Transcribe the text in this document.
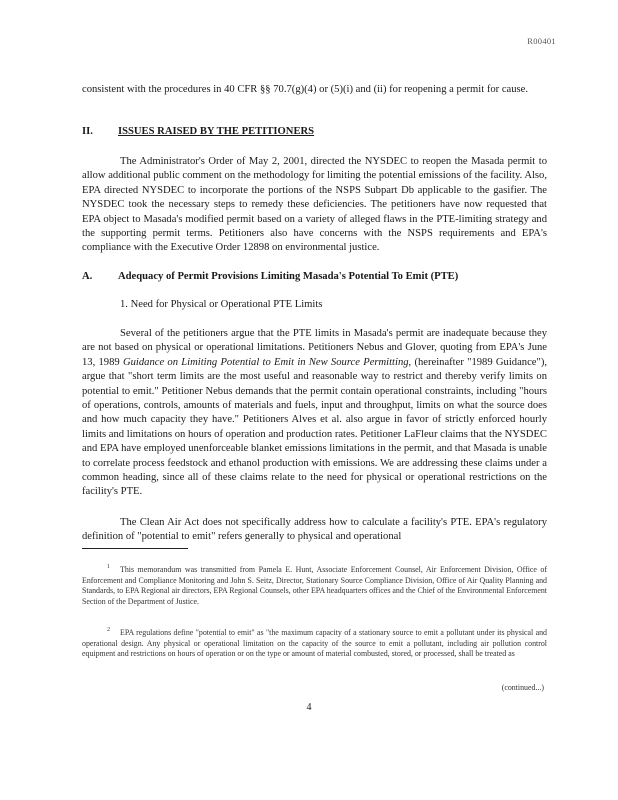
R00401
consistent with the procedures in 40 CFR §§ 70.7(g)(4) or (5)(i) and (ii) for reopening a permit for cause.
II. ISSUES RAISED BY THE PETITIONERS
The Administrator's Order of May 2, 2001, directed the NYSDEC to reopen the Masada permit to allow additional public comment on the methodology for limiting the potential emissions of the facility. Also, EPA directed NYSDEC to incorporate the portions of the NSPS Subpart Db applicable to the gasifier. The NYSDEC took the necessary steps to remedy these deficiencies. The petitioners have now requested that EPA object to Masada's modified permit based on a variety of alleged flaws in the PTE-limiting strategy and the supporting permit terms. Petitioners also have concerns with the NSPS requirements and EPA's compliance with the Executive Order 12898 on environmental justice.
A. Adequacy of Permit Provisions Limiting Masada's Potential To Emit (PTE)
1. Need for Physical or Operational PTE Limits
Several of the petitioners argue that the PTE limits in Masada's permit are inadequate because they are not based on physical or operational limitations. Petitioners Nebus and Glover, quoting from EPA's June 13, 1989 Guidance on Limiting Potential to Emit in New Source Permitting, (hereinafter "1989 Guidance"), argue that "short term limits are the most useful and reasonable way to restrict and thereby verify limits on potential to emit." Petitioner Nebus demands that the permit contain operational constraints, including "hours of operations, controls, amounts of materials and fuels, input and throughput, limits on what the source does and how much capacity they have." Petitioners Alves et al. also argue in favor of strictly enforced hourly limits and limitations on hours of operation and production rates. Petitioner LaFleur claims that the NYSDEC and EPA have employed unenforceable blanket emissions limitations in the permit, and that Masada is unable to correlate process feedstock and ethanol production with emissions. We are addressing these claims under a common heading, since all of these claims relate to the need for physical or operational restrictions on the facility's PTE.
The Clean Air Act does not specifically address how to calculate a facility's PTE. EPA's regulatory definition of "potential to emit" refers generally to physical and operational
1 This memorandum was transmitted from Pamela E. Hunt, Associate Enforcement Counsel, Air Enforcement Division, Office of Enforcement and Compliance Monitoring and John S. Seitz, Director, Stationary Source Compliance Division, Office of Air Quality Planning and Standards, to EPA Regional air directors, EPA Regional Counsels, other EPA headquarters offices and the Chief of the Environmental Enforcement Section of the Department of Justice.
2 EPA regulations define "potential to emit" as "the maximum capacity of a stationary source to emit a pollutant under its physical and operational design. Any physical or operational limitation on the capacity of the source to emit a pollutant, including air pollution control equipment and restrictions on hours of operation or on the type or amount of material combusted, stored, or processed, shall be treated as
(continued...)
4
